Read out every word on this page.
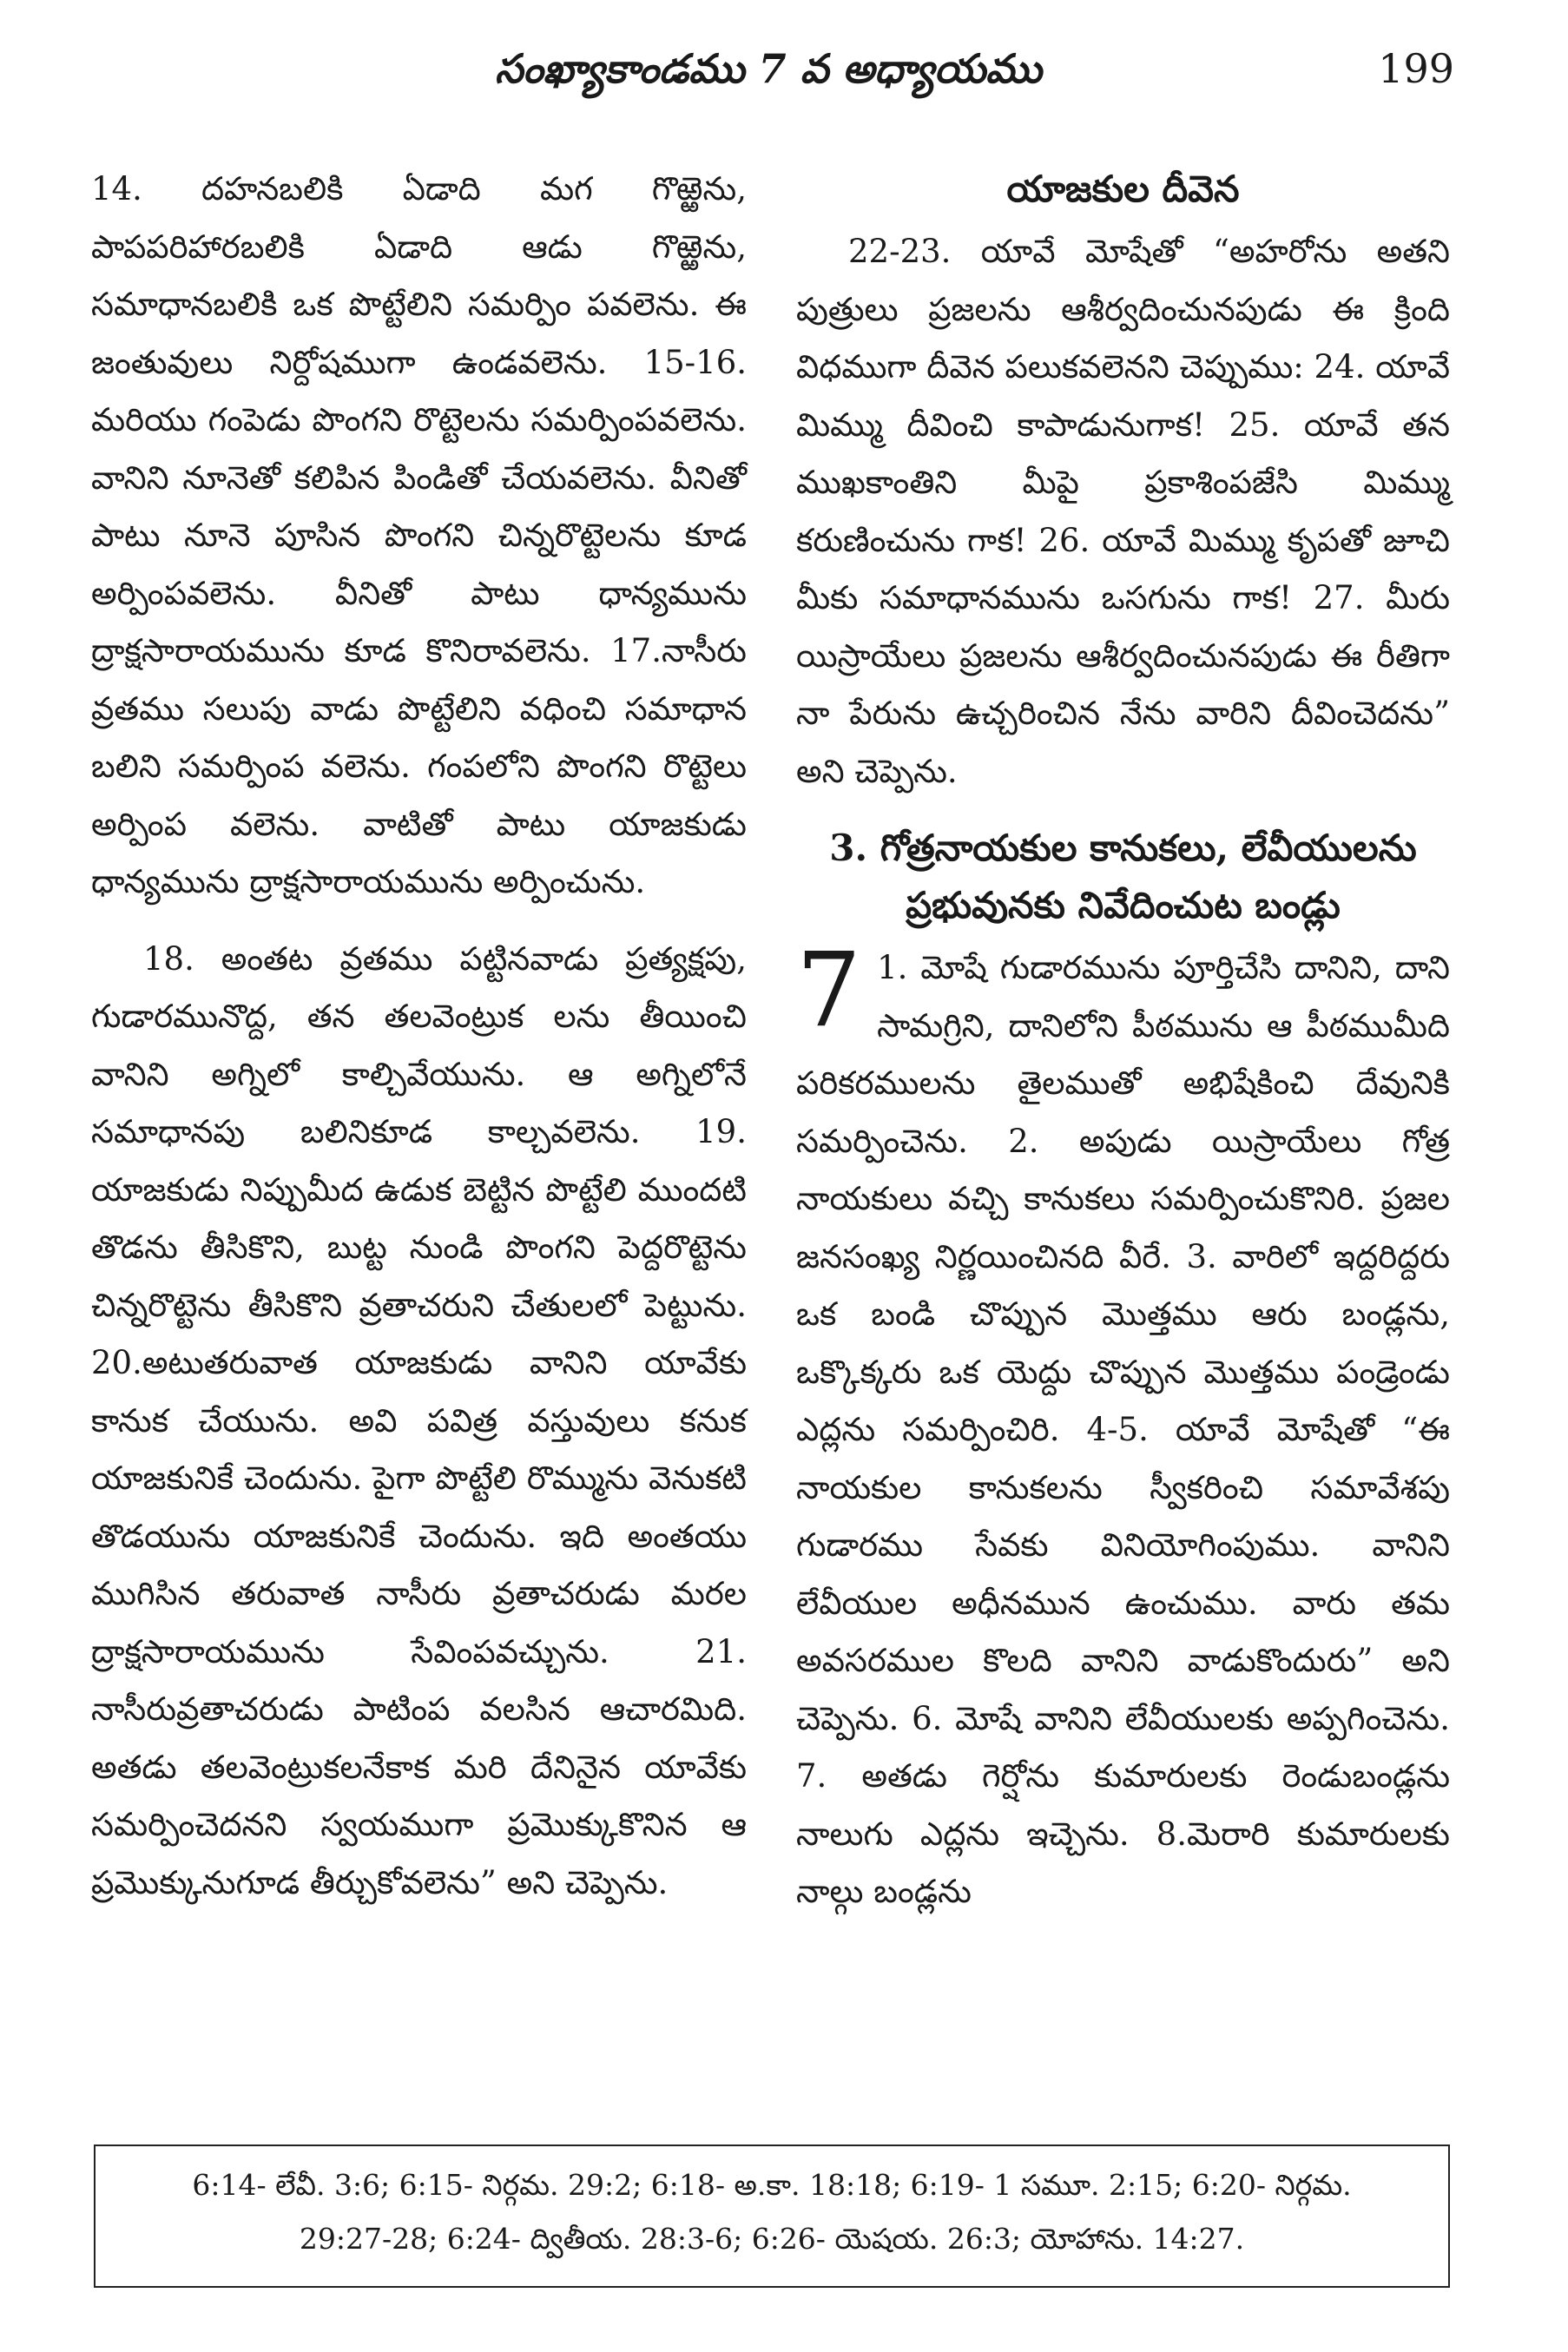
సంఖ్యాకాండము 7 వ అధ్యాయము	199

14. దహనబలికి ఏడాది మగ గొఱ్ఱెను, పాపపరిహారబలికి ఏడాది ఆడు గొఱ్ఱెను, సమాధానబలికి ఒక పొట్టేలిని సమర్పిం పవలెను. ఈ జంతువులు నిర్దోషముగా ఉండవలెను. 15-16. మరియు గంపెడు పొంగని రొట్టెలను సమర్పింపవలెను. వానిని నూనెతో కలిపిన పిండితో చేయవలెను. వీనితో పాటు నూనె పూసిన పొంగని చిన్నరొట్టెలను కూడ అర్పింపవలెను. వీనితో పాటు ధాన్యమును ద్రాక్షసారాయమును కూడ కొనిరావలెను. 17.నాసీరు వ్రతము సలుపు వాడు పొట్టేలిని వధించి సమాధాన బలిని సమర్పింప వలెను. గంపలోని పొంగని రొట్టెలు అర్పింప వలెను. వాటితో పాటు యాజకుడు ధాన్యమును ద్రాక్షసారాయమును అర్పించును.

18. అంతట వ్రతము పట్టినవాడు ప్రత్యక్షపు, గుడారమునొద్ద, తన తలవెంట్రుక లను తీయించి వానిని అగ్నిలో కాల్చివేయును. ఆ అగ్నిలోనే సమాధానపు బలినికూడ కాల్చవలెను. 19. యాజకుడు నిప్పుమీద ఉడుక బెట్టిన పొట్టేలి ముందటి తొడను తీసికొని, బుట్ట నుండి పొంగని పెద్దరొట్టెను చిన్నరొట్టెను తీసికొని వ్రతాచరుని చేతులలో పెట్టును. 20.అటుతరువాత యాజకుడు వానిని యావేకు కానుక చేయును. అవి పవిత్ర వస్తువులు కనుక యాజకునికే చెందును. పైగా పొట్టేలి రొమ్మును వెనుకటి తొడయును యాజకునికే చెందును. ఇది అంతయు ముగిసిన తరువాత నాసీరు వ్రతాచరుడు మరల ద్రాక్షసారాయమును సేవింపవచ్చును. 21. నాసీరువ్రతాచరుడు పాటింప వలసిన ఆచారమిది. అతడు తలవెంట్రుకలనేకాక మరి దేనినైన యావేకు సమర్పించెదనని స్వయముగా ప్రమొక్కుకొనిన ఆ ప్రమొక్కునుగూడ తీర్చుకోవలెను” అని చెప్పెను.

యాజకుల దీవెన

22-23. యావే మోషేతో “అహరోను అతని పుత్రులు ప్రజలను ఆశీర్వదించునపుడు ఈ క్రింది విధముగా దీవెన పలుకవలెనని చెప్పుము: 24. యావే మిమ్ము దీవించి కాపాడునుగాక! 25. యావే తన ముఖకాంతిని మీపై ప్రకాశింపజేసి మిమ్ము కరుణించును గాక! 26. యావే మిమ్ము కృపతో జూచి మీకు సమాధానమును ఒసగును గాక! 27. మీరు యిస్రాయేలు ప్రజలను ఆశీర్వదించునపుడు ఈ రీతిగా నా పేరును ఉచ్చరించిన నేను వారిని దీవించెదను” అని చెప్పెను.

3. గోత్రనాయకుల కానుకలు, లేవీయులను
ప్రభువునకు నివేదించుట బండ్లు

7 1. మోషే గుడారమును పూర్తిచేసి దానిని, దాని సామగ్రిని, దానిలోని పీఠమును ఆ పీఠముమీది పరికరములను తైలముతో అభిషేకించి దేవునికి సమర్పించెను. 2. అపుడు యిస్రాయేలు గోత్ర నాయకులు వచ్చి కానుకలు సమర్పించుకొనిరి. ప్రజల జనసంఖ్య నిర్ణయించినది వీరే. 3. వారిలో ఇద్దరిద్దరు ఒక బండి చొప్పున మొత్తము ఆరు బండ్లను, ఒక్కొక్కరు ఒక యెద్దు చొప్పున మొత్తము పండ్రెండు ఎద్లను సమర్పించిరి. 4-5. యావే మోషేతో “ఈ నాయకుల కానుకలను స్వీకరించి సమావేశపు గుడారము సేవకు వినియోగింపుము. వానిని లేవీయుల అధీనమున ఉంచుము. వారు తమ అవసరముల కొలది వానిని వాడుకొందురు” అని చెప్పెను. 6. మోషే వానిని లేవీయులకు అప్పగించెను. 7. అతడు గెర్షోను కుమారులకు రెండుబండ్లను నాలుగు ఎద్లను ఇచ్చెను. 8.మెరారి కుమారులకు నాల్గు బండ్లను

6:14- లేవీ. 3:6; 6:15- నిర్గమ. 29:2; 6:18- అ.కా. 18:18; 6:19- 1 సమూ. 2:15; 6:20- నిర్గమ.
29:27-28; 6:24- ద్వితీయ. 28:3-6; 6:26- యెషయ. 26:3; యోహాను. 14:27.
